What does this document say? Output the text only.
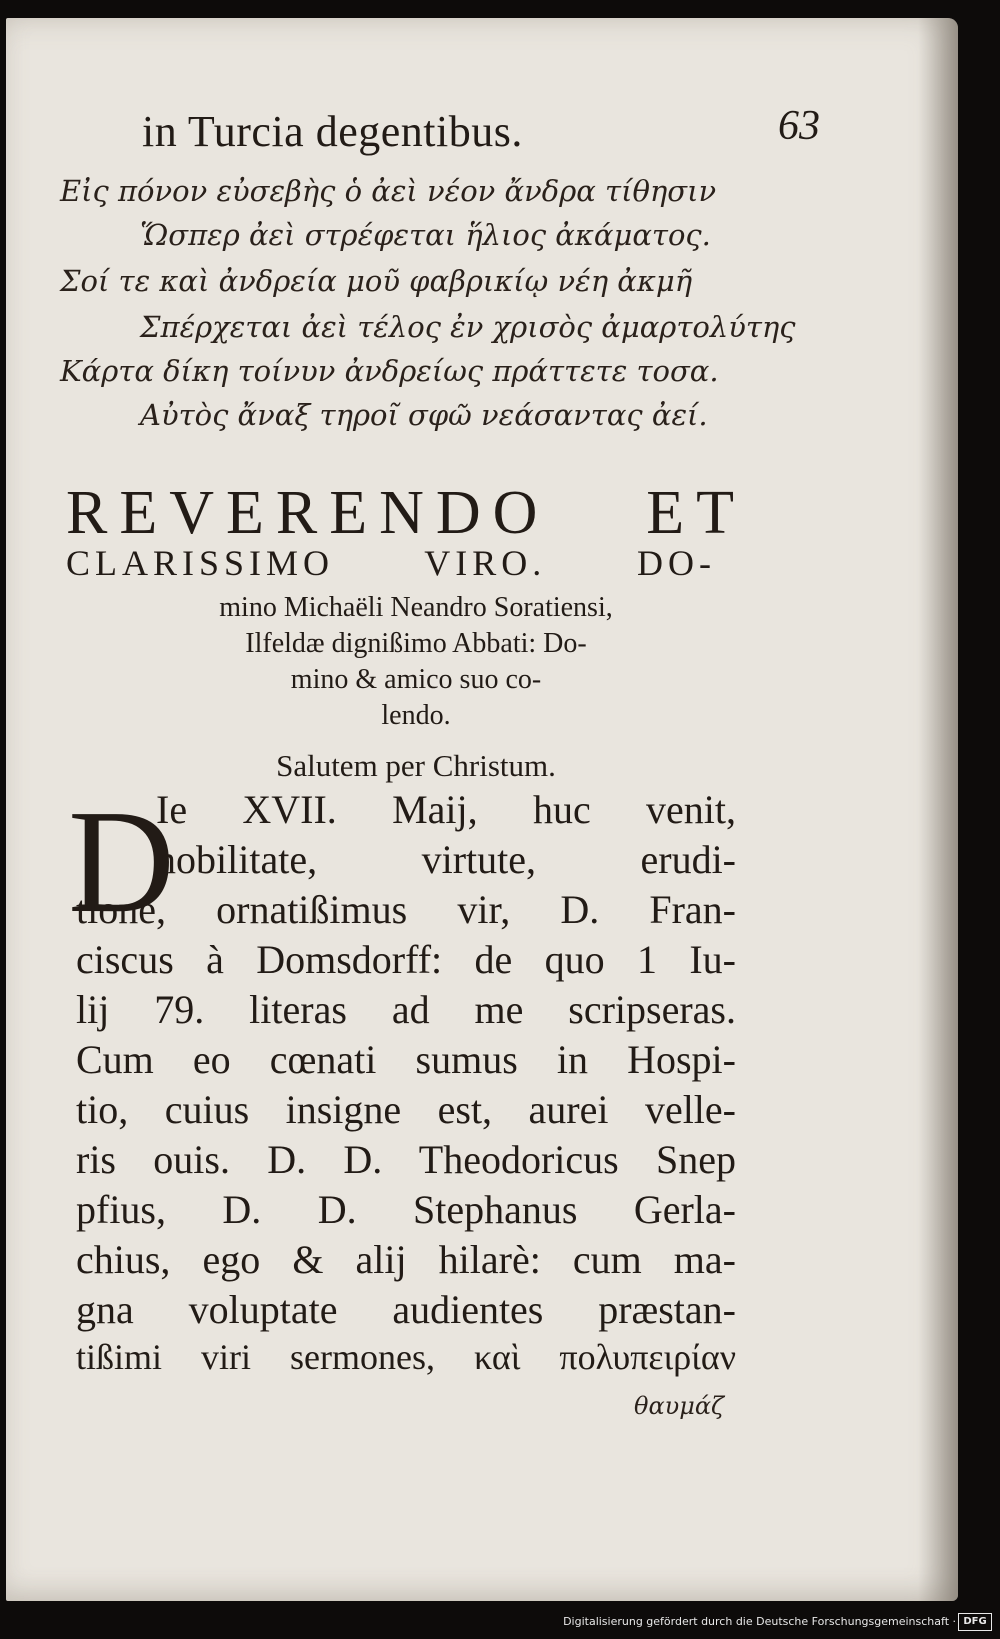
in Turcia degentibus.	63
Εἰς πόνον εὐσεβὴς ὁ ἀεὶ νέον ἄνδρα τίθησιν
Ὥσπερ ἀεὶ στρέφεται ἥλιος ἀκάματος.
Σοί τε καὶ ἀνδρεία μοῦ φαβρικίῳ νέη ἀκμῆ
Σπέρχεται ἀεὶ τέλος ἐν χρισὸς ἀμαρτολύτης
Κάρτα δίκη τοίνυν ἀνδρείως πράττετε τοσα.
Αὐτὸς ἄναξ τηροῖ σφῶ νεάσαντας ἀεί.
REVERENDO ET
CLARISSIMO VIRO. DO-
mino Michaëli Neandro Soratiensi,
Ilfeldæ dignißimo Abbati: Do-
mino & amico suo co-
lendo.
Salutem per Christum.
D
Ie XVII. Maij, huc venit,
nobilitate, virtute, erudi-
tione, ornatißimus vir, D. Fran-
ciscus à Domsdorff: de quo 1 Iu-
lij 79. literas ad me scripseras.
Cum eo cœnati sumus in Hospi-
tio, cuius insigne est, aurei velle-
ris ouis. D. D. Theodoricus Snep
pfius, D. D. Stephanus Gerla-
chius, ego & alij hilarè: cum ma-
gna voluptate audientes præstan-
tißimi viri sermones, καὶ πολυπειρίαν
θαυμάζ
Digitalisierung gefördert durch die Deutsche Forschungsgemeinschaft · DFG
